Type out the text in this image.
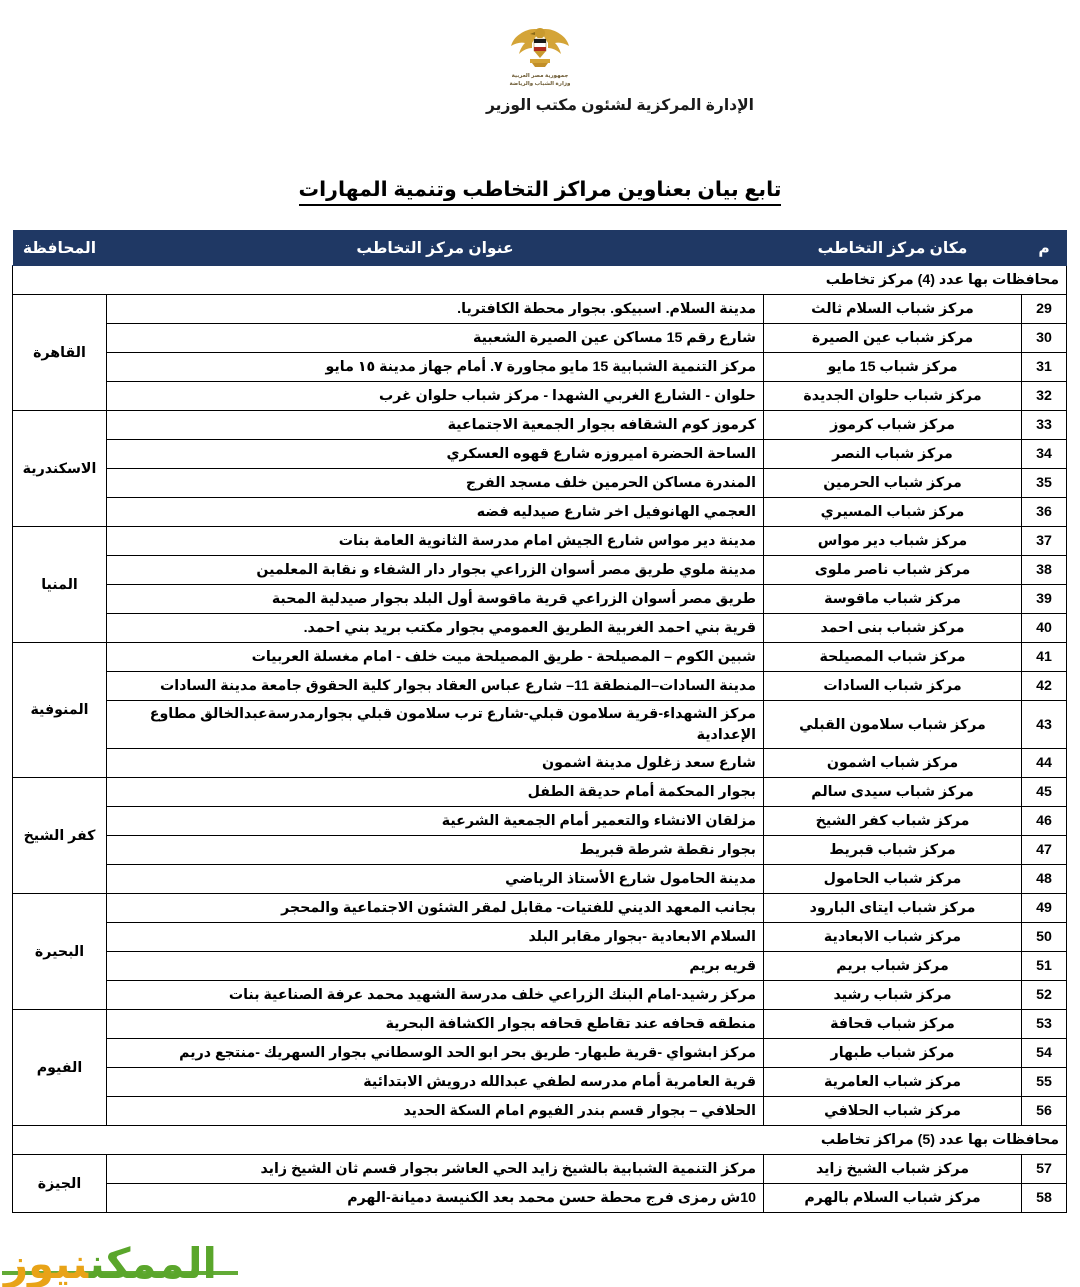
جمهورية مصر العربية
وزارة الشباب والرياضة
الإدارة المركزية لشئون مكتب الوزير
تابع بيان بعناوين مراكز التخاطب وتنمية المهارات
م	مكان مركز التخاطب	عنوان مركز التخاطب	المحافظة
محافظات بها عدد (4) مركز تخاطب			
29	مركز شباب السلام ثالث	مدينة السلام. اسبيكو. بجوار محطة الكافتريا.	القاهرة
30	مركز شباب عين الصيرة	شارع رقم 15 مساكن عين الصيرة الشعبية	
31	مركز شباب 15 مايو	مركز التنمية الشبابية 15 مايو مجاورة ٧. أمام جهاز مدينة ١٥ مايو	
32	مركز شباب حلوان الجديدة	حلوان - الشارع الغربي الشهدا - مركز شباب حلوان غرب	
33	مركز شباب كرموز	كرموز كوم الشقافه بجوار الجمعية الاجتماعية	الاسكندرية
34	مركز شباب النصر	الساحة الحضرة اميروزه شارع قهوه العسكري	
35	مركز شباب الحرمين	المندرة مساكن الحرمين خلف مسجد الفرج	
36	مركز شباب المسيري	العجمي الهانوفيل اخر شارع صيدليه فضه	
37	مركز شباب دير مواس	مدينة دير مواس شارع الجيش امام مدرسة الثانوية العامة بنات	المنيا
38	مركز شباب ناصر ملوى	مدينة ملوي طريق مصر أسوان الزراعي بجوار دار الشفاء و نقابة المعلمين	
39	مركز شباب ماقوسة	طريق مصر أسوان الزراعي قرية ماقوسة أول البلد بجوار صيدلية المحبة	
40	مركز شباب بنى احمد	قرية بني احمد الغربية الطريق العمومي بجوار مكتب بريد بني احمد.	
41	مركز شباب المصيلحة	شبين الكوم – المصيلحة - طريق المصيلحة ميت خلف - امام مغسلة العربيات	المنوفية
42	مركز شباب السادات	مدينة السادات–المنطقة 11– شارع عباس العقاد بجوار كلية الحقوق جامعة مدينة السادات	
43	مركز شباب سلامون القبلي	مركز الشهداء-قرية سلامون قبلي-شارع ترب سلامون قبلي بجوارمدرسةعبدالخالق مطاوع الإعدادية	
44	مركز شباب اشمون	شارع سعد زغلول مدينة اشمون	
45	مركز شباب سيدى سالم	بجوار المحكمة أمام حديقة الطفل	كفر الشيخ
46	مركز شباب كفر الشيخ	مزلقان الانشاء والتعمير أمام الجمعية الشرعية	
47	مركز شباب قبريط	بجوار نقطة شرطة قبريط	
48	مركز شباب الحامول	مدينة الحامول شارع الأستاذ الرياضي	
49	مركز شباب ايتاى البارود	بجانب المعهد الديني للفتيات- مقابل لمقر الشئون الاجتماعية والمحجر	البحيرة
50	مركز شباب الابعادية	السلام الابعادية -بجوار مقابر البلد	
51	مركز شباب بريم	قريه بريم	
52	مركز شباب رشيد	مركز رشيد-امام البنك الزراعي خلف مدرسة الشهيد محمد عرفة الصناعية بنات	
53	مركز شباب قحافة	منطقه قحافه عند تقاطع قحافه بجوار الكشافة البحرية	الفيوم
54	مركز شباب طبهار	مركز ابشواي -قرية طبهار- طريق بحر ابو الحد الوسطاني بجوار السهريك -منتجع دريم	
55	مركز شباب العامرية	قرية العامرية أمام مدرسه لطفي عبدالله درويش الابتدائية	
56	مركز شباب الحلافي	الحلافي – بجوار قسم بندر الفيوم امام السكة الحديد	
محافظات بها عدد (5) مراكز تخاطب			
57	مركز شباب الشيخ زايد	مركز التنمية الشبابية بالشيخ زايد الحي العاشر بجوار قسم ثان الشيخ زايد	الجيزة
58	مركز شباب السلام بالهرم	10ش رمزى فرج محطة حسن محمد بعد الكنيسة دميانة-الهرم	
الممكننيوز
